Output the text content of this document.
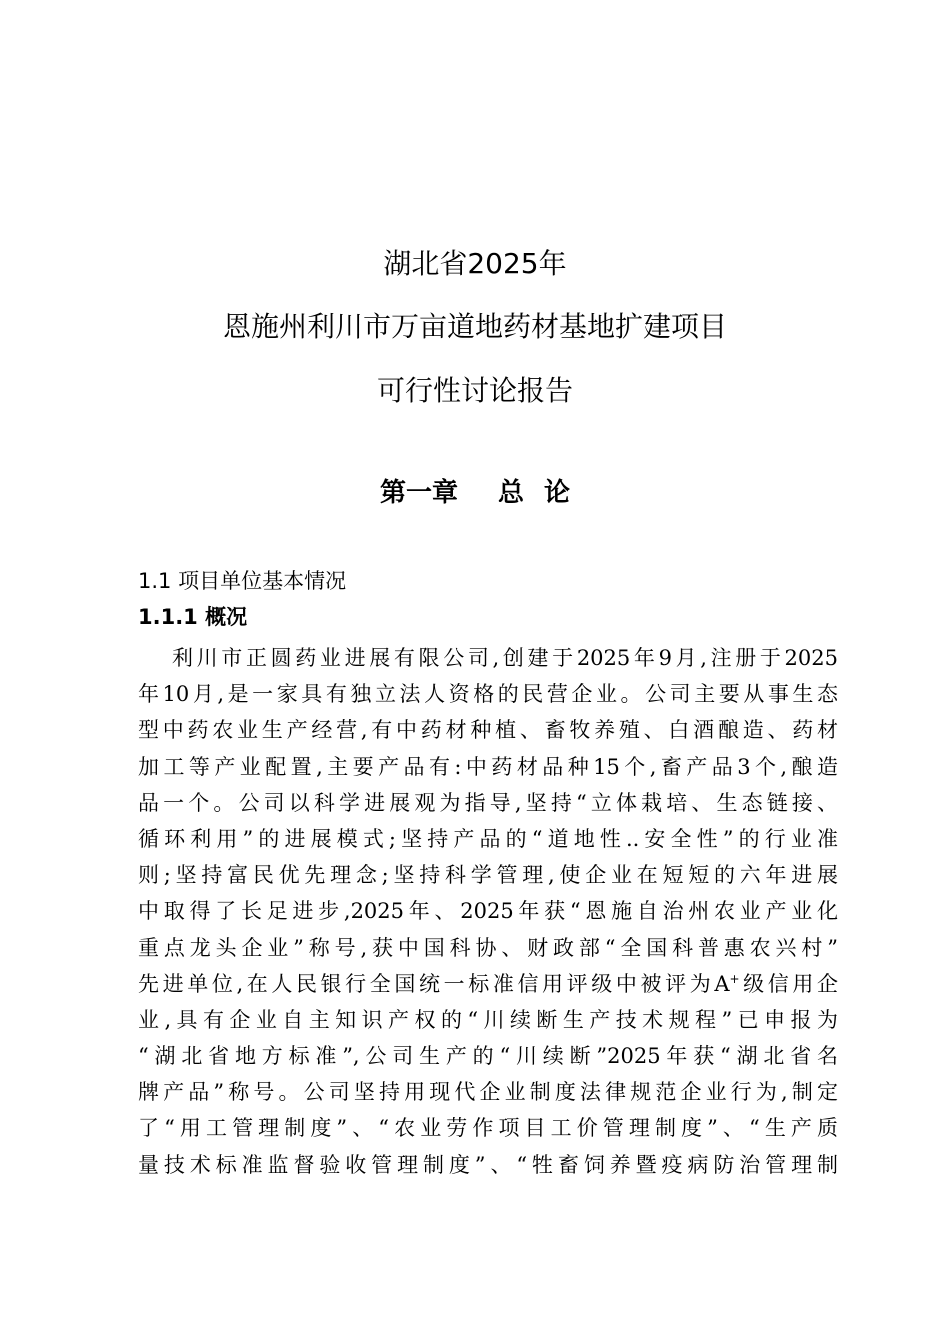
湖北省2025年
恩施州利川市万亩道地药材基地扩建项目
可行性讨论报告
第一章 总 论
1.1 项目单位基本情况
1.1.1 概况
利川市正圆药业进展有限公司,创建于2025年9月,注册于2025
年10月,是一家具有独立法人资格的民营企业。公司主要从事生态
型中药农业生产经营,有中药材种植、畜牧养殖、白酒酿造、药材
加工等产业配置,主要产品有:中药材品种15个,畜产品3个,酿造
品一个。公司以科学进展观为指导,坚持“立体栽培、生态链接、
循环利用”的进展模式;坚持产品的“道地性..安全性”的行业准
则;坚持富民优先理念;坚持科学管理,使企业在短短的六年进展
中取得了长足进步,2025年、2025年获“恩施自治州农业产业化
重点龙头企业”称号,获中国科协、财政部“全国科普惠农兴村”
先进单位,在人民银行全国统一标准信用评级中被评为A+级信用企
业,具有企业自主知识产权的“川续断生产技术规程”已申报为
“湖北省地方标准”,公司生产的“川续断”2025年获“湖北省名
牌产品”称号。公司坚持用现代企业制度法律规范企业行为,制定
了“用工管理制度”、“农业劳作项目工价管理制度”、“生产质
量技术标准监督验收管理制度”、“牲畜饲养暨疫病防治管理制
